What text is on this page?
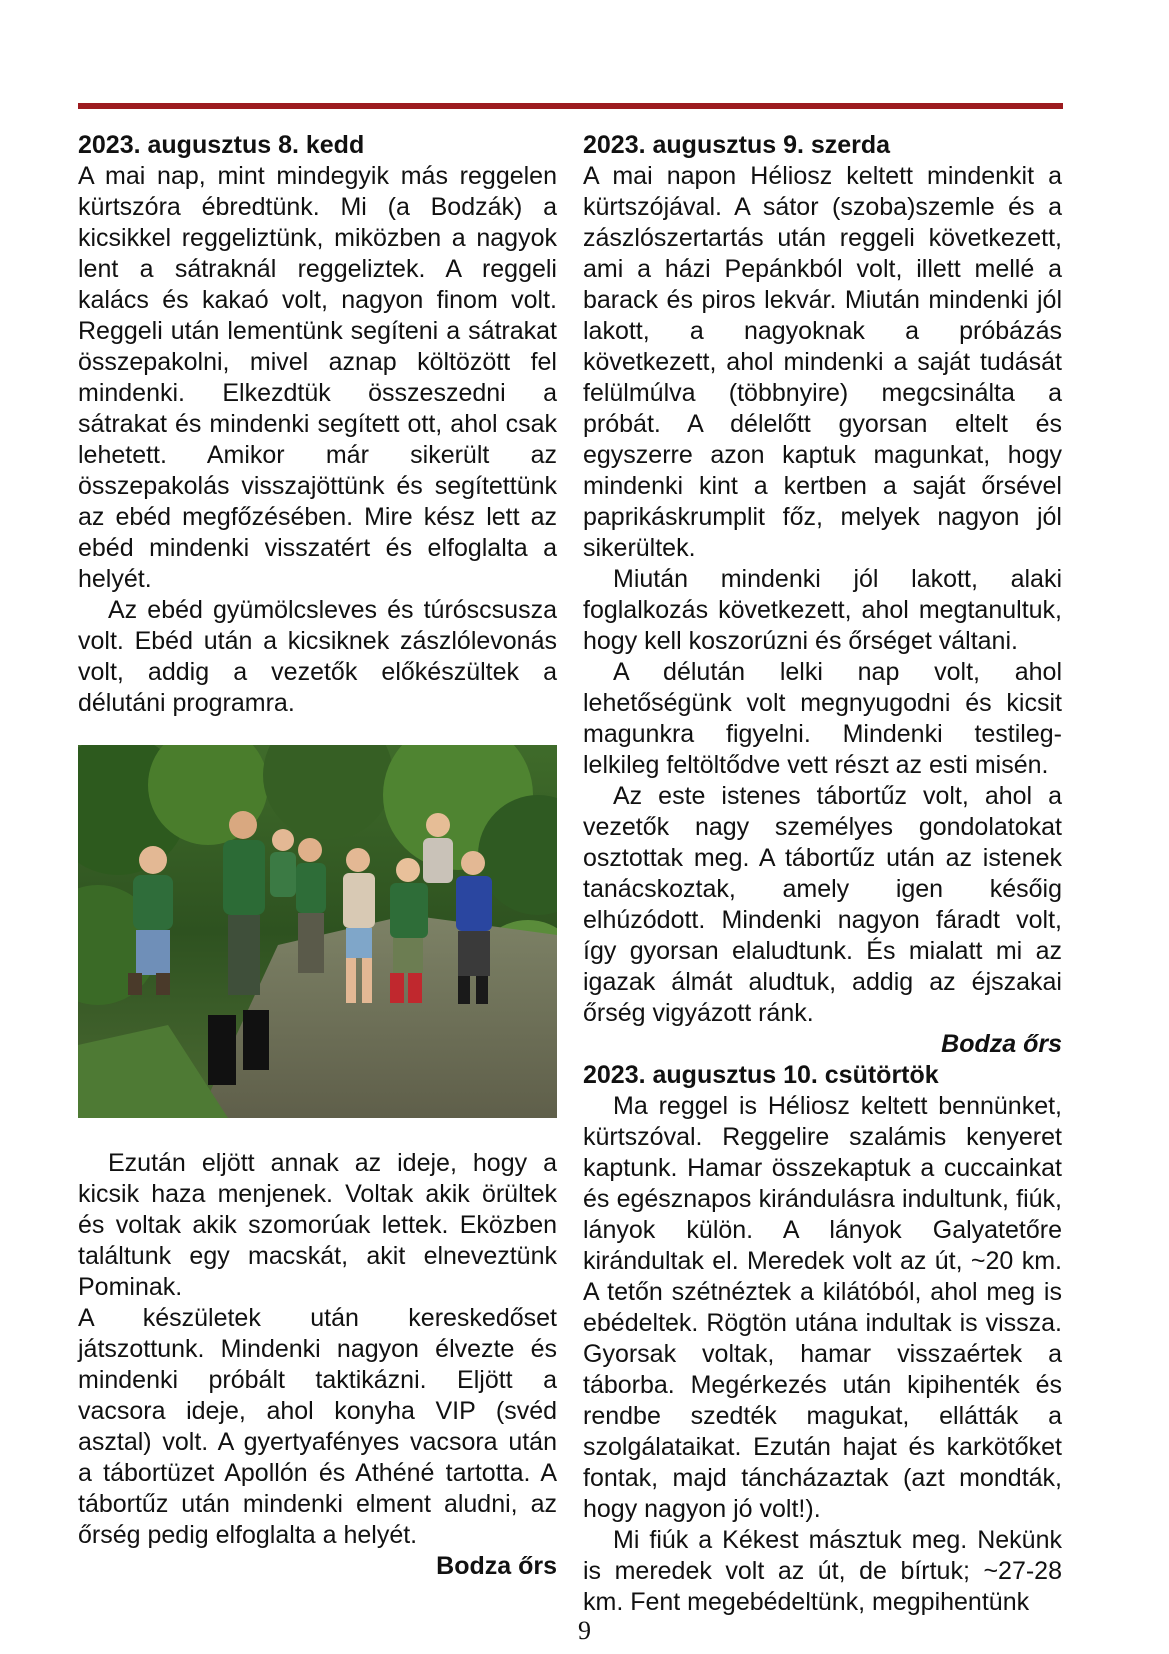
2023. augusztus 8. kedd

A mai nap, mint mindegyik más reggelen kürtszóra ébredtünk. Mi (a Bodzák) a kicsikkel reggeliztünk, miközben a nagyok lent a sátraknál reggeliztek. A reggeli kalács és kakaó volt, nagyon finom volt. Reggeli után lementünk segíteni a sátrakat összepakolni, mivel aznap költözött fel mindenki. Elkezdtük összeszedni a sátrakat és mindenki segített ott, ahol csak lehetett. Amikor már sikerült az összepakolás visszajöttünk és segítettünk az ebéd megfőzésében. Mire kész lett az ebéd mindenki visszatért és elfoglalta a helyét.

Az ebéd gyümölcsleves és túróscsusza volt. Ebéd után a kicsiknek zászlólevonás volt, addig a vezetők előkészültek a délutáni programra.

Ezután eljött annak az ideje, hogy a kicsik haza menjenek. Voltak akik örültek és voltak akik szomorúak lettek. Eközben találtunk egy macskát, akit elneveztünk Pominak.

A készületek után kereskedőset játszottunk. Mindenki nagyon élvezte és mindenki próbált taktikázni. Eljött a vacsora ideje, ahol konyha VIP (svéd asztal) volt. A gyertyafényes vacsora után a tábortüzet Apollón és Athéné tartotta. A tábortűz után mindenki elment aludni, az őrség pedig elfoglalta a helyét.

Bodza őrs

2023. augusztus 9. szerda

A mai napon Héliosz keltett mindenkit a kürtszójával. A sátor (szoba)szemle és a zászlószertartás után reggeli következett, ami a házi Pepánkból volt, illett mellé a barack és piros lekvár. Miután mindenki jól lakott, a nagyoknak a próbázás következett, ahol mindenki a saját tudását felülmúlva (többnyire) megcsinálta a próbát. A délelőtt gyorsan eltelt és egyszerre azon kaptuk magunkat, hogy mindenki kint a kertben a saját őrsével paprikáskrumplit főz, melyek nagyon jól sikerültek.

Miután mindenki jól lakott, alaki foglalkozás következett, ahol megtanultuk, hogy kell koszorúzni és őrséget váltani.

A délután lelki nap volt, ahol lehetőségünk volt megnyugodni és kicsit magunkra figyelni. Mindenki testileg-lelkileg feltöltődve vett részt az esti misén.

Az este istenes tábortűz volt, ahol a vezetők nagy személyes gondolatokat osztottak meg. A tábortűz után az istenek tanácskoztak, amely igen későig elhúzódott. Mindenki nagyon fáradt volt, így gyorsan elaludtunk. És mialatt mi az igazak álmát aludtuk, addig az éjszakai őrség vigyázott ránk.

Bodza őrs

2023. augusztus 10. csütörtök

Ma reggel is Héliosz keltett bennünket, kürtszóval. Reggelire szalámis kenyeret kaptunk. Hamar összekaptuk a cuccainkat és egésznapos kirándulásra indultunk, fiúk, lányok külön. A lányok Galyatetőre kirándultak el. Meredek volt az út, ~20 km. A tetőn szétnéztek a kilátóból, ahol meg is ebédeltek. Rögtön utána indultak is vissza. Gyorsak voltak, hamar visszaértek a táborba. Megérkezés után kipihenték és rendbe szedték magukat, ellátták a szolgálataikat. Ezután hajat és karkötőket fontak, majd táncházaztak (azt mondták, hogy nagyon jó volt!).

Mi fiúk a Kékest másztuk meg. Nekünk is meredek volt az út, de bírtuk; ~27-28 km. Fent megebédeltünk, megpihentünk

9
